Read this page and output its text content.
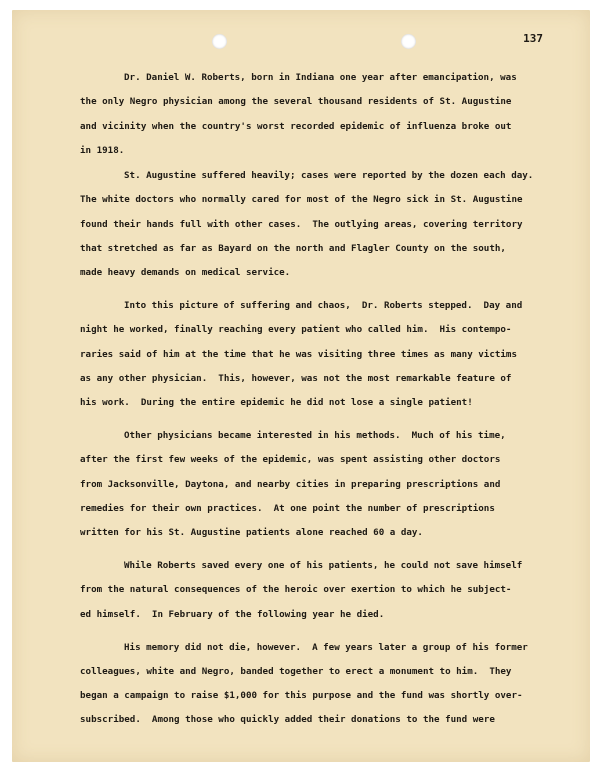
137
Dr. Daniel W. Roberts, born in Indiana one year after emancipation, was
the only Negro physician among the several thousand residents of St. Augustine
and vicinity when the country's worst recorded epidemic of influenza broke out
in 1918.
St. Augustine suffered heavily; cases were reported by the dozen each day.
The white doctors who normally cared for most of the Negro sick in St. Augustine
found their hands full with other cases.  The outlying areas, covering territory
that stretched as far as Bayard on the north and Flagler County on the south,
made heavy demands on medical service.
Into this picture of suffering and chaos,  Dr. Roberts stepped.  Day and
night he worked, finally reaching every patient who called him.  His contempo-
raries said of him at the time that he was visiting three times as many victims
as any other physician.  This, however, was not the most remarkable feature of
his work.  During the entire epidemic he did not lose a single patient!
Other physicians became interested in his methods.  Much of his time,
after the first few weeks of the epidemic, was spent assisting other doctors
from Jacksonville, Daytona, and nearby cities in preparing prescriptions and
remedies for their own practices.  At one point the number of prescriptions
written for his St. Augustine patients alone reached 60 a day.
While Roberts saved every one of his patients, he could not save himself
from the natural consequences of the heroic over exertion to which he subject-
ed himself.  In February of the following year he died.
His memory did not die, however.  A few years later a group of his former
colleagues, white and Negro, banded together to erect a monument to him.  They
began a campaign to raise $1,000 for this purpose and the fund was shortly over-
subscribed.  Among those who quickly added their donations to the fund were
